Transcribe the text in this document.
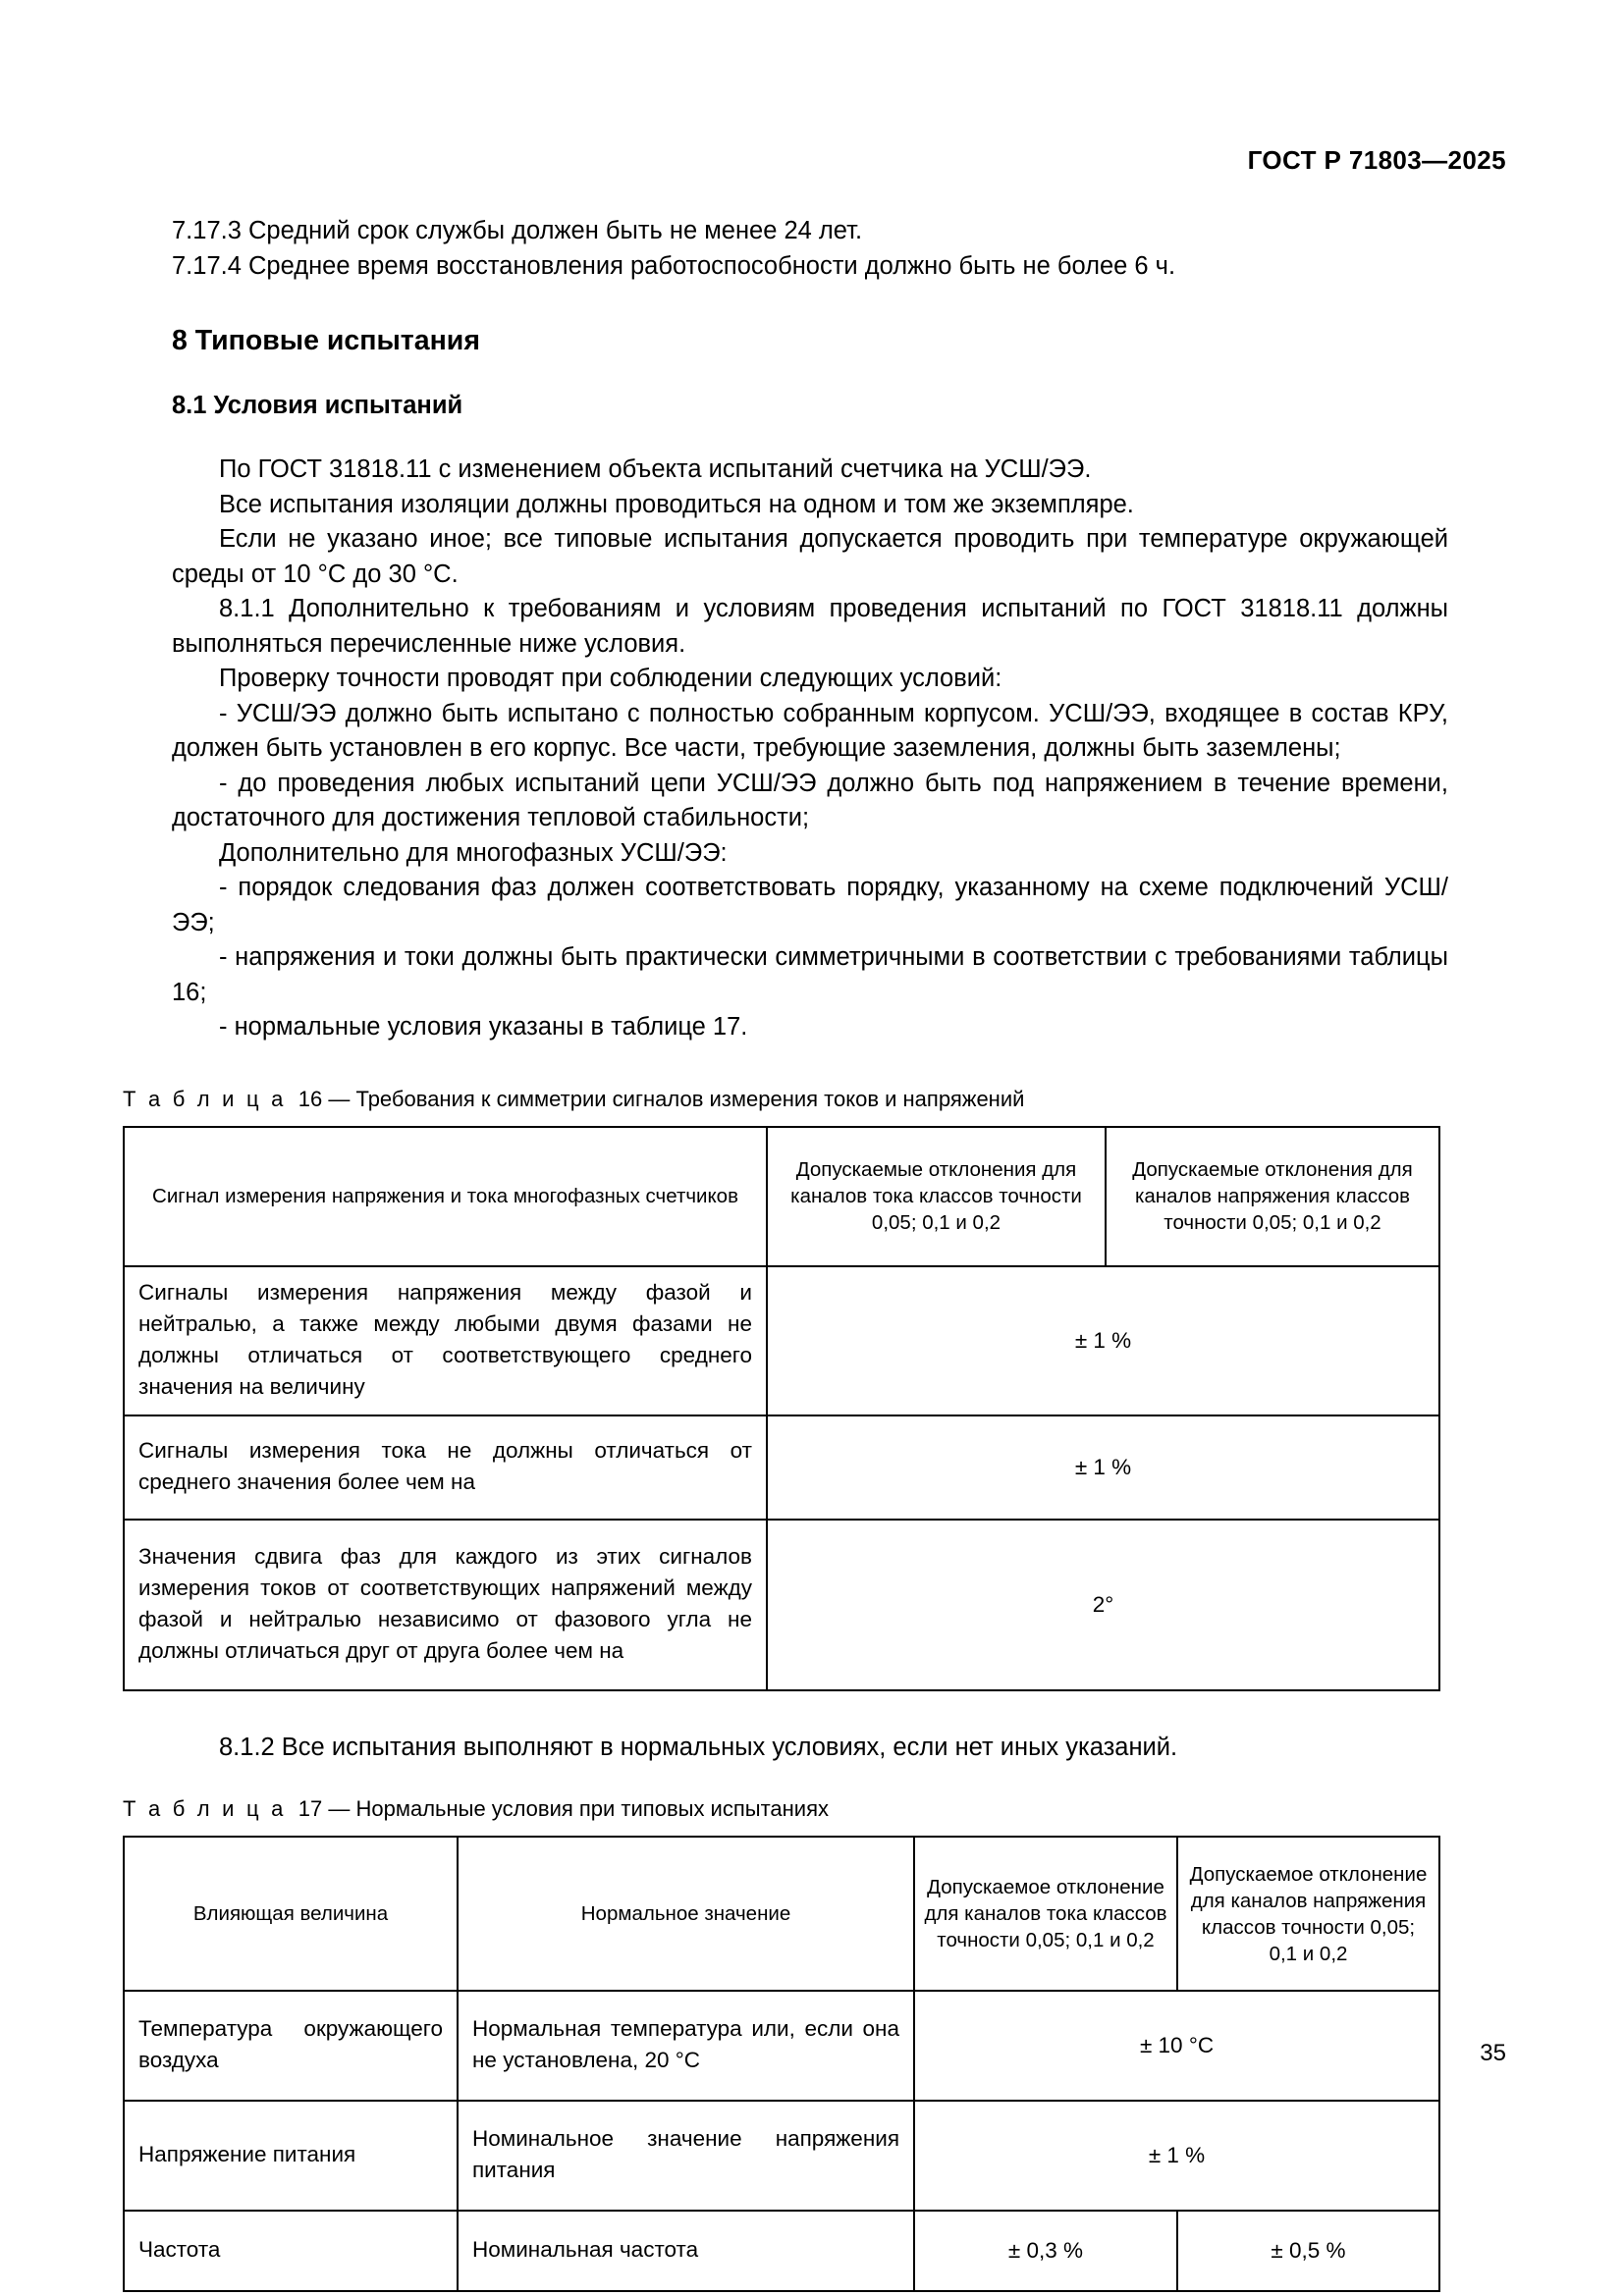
ГОСТ Р 71803—2025

7.17.3 Средний срок службы должен быть не менее 24 лет.

7.17.4 Среднее время восстановления работоспособности должно быть не более 6 ч.

8 Типовые испытания
8.1 Условия испытаний

По ГОСТ 31818.11 с изменением объекта испытаний счетчика на УСШ/ЭЭ.

Все испытания изоляции должны проводиться на одном и том же экземпляре.

Если не указано иное; все типовые испытания допускается проводить при температуре окружающей среды от 10 °C до 30 °C.

8.1.1 Дополнительно к требованиям и условиям проведения испытаний по ГОСТ 31818.11 должны выполняться перечисленные ниже условия.

Проверку точности проводят при соблюдении следующих условий:

- УСШ/ЭЭ должно быть испытано с полностью собранным корпусом. УСШ/ЭЭ, входящее в состав КРУ, должен быть установлен в его корпус. Все части, требующие заземления, должны быть заземлены;

- до проведения любых испытаний цепи УСШ/ЭЭ должно быть под напряжением в течение времени, достаточного для достижения тепловой стабильности;

Дополнительно для многофазных УСШ/ЭЭ:

- порядок следования фаз должен соответствовать порядку, указанному на схеме подключений УСШ/ЭЭ;

- напряжения и токи должны быть практически симметричными в соответствии с требованиями таблицы 16;

- нормальные условия указаны в таблице 17.

Т а б л и ц а 16 — Требования к симметрии сигналов измерения токов и напряжений

Сигнал измерения напряжения и тока многофазных счетчиков	Допускаемые отклонения для каналов тока классов точности 0,05; 0,1 и 0,2	Допускаемые отклонения для каналов напряжения классов точности 0,05; 0,1 и 0,2
Сигналы измерения напряжения между фазой и нейтралью, а также между любыми двумя фазами не должны отличаться от соответствующего среднего значения на величину	± 1 %	
Сигналы измерения тока не должны отличаться от среднего значения более чем на	± 1 %	
Значения сдвига фаз для каждого из этих сигналов измерения токов от соответствующих напряжений между фазой и нейтралью независимо от фазового угла не должны отличаться друг от друга более чем на	2°	

8.1.2 Все испытания выполняют в нормальных условиях, если нет иных указаний.

Т а б л и ц а 17 — Нормальные условия при типовых испытаниях

Влияющая величина	Нормальное значение	Допускаемое отклонение для каналов тока классов точности 0,05; 0,1 и 0,2	Допускаемое отклонение для каналов напряжения классов точности 0,05; 0,1 и 0,2
Температура окружающего воздуха	Нормальная температура или, если она не установлена, 20 °C	± 10 °C	
Напряжение питания	Номинальное значение напряжения питания	± 1 %	
Частота	Номинальная частота	± 0,3 %	± 0,5 %
35
